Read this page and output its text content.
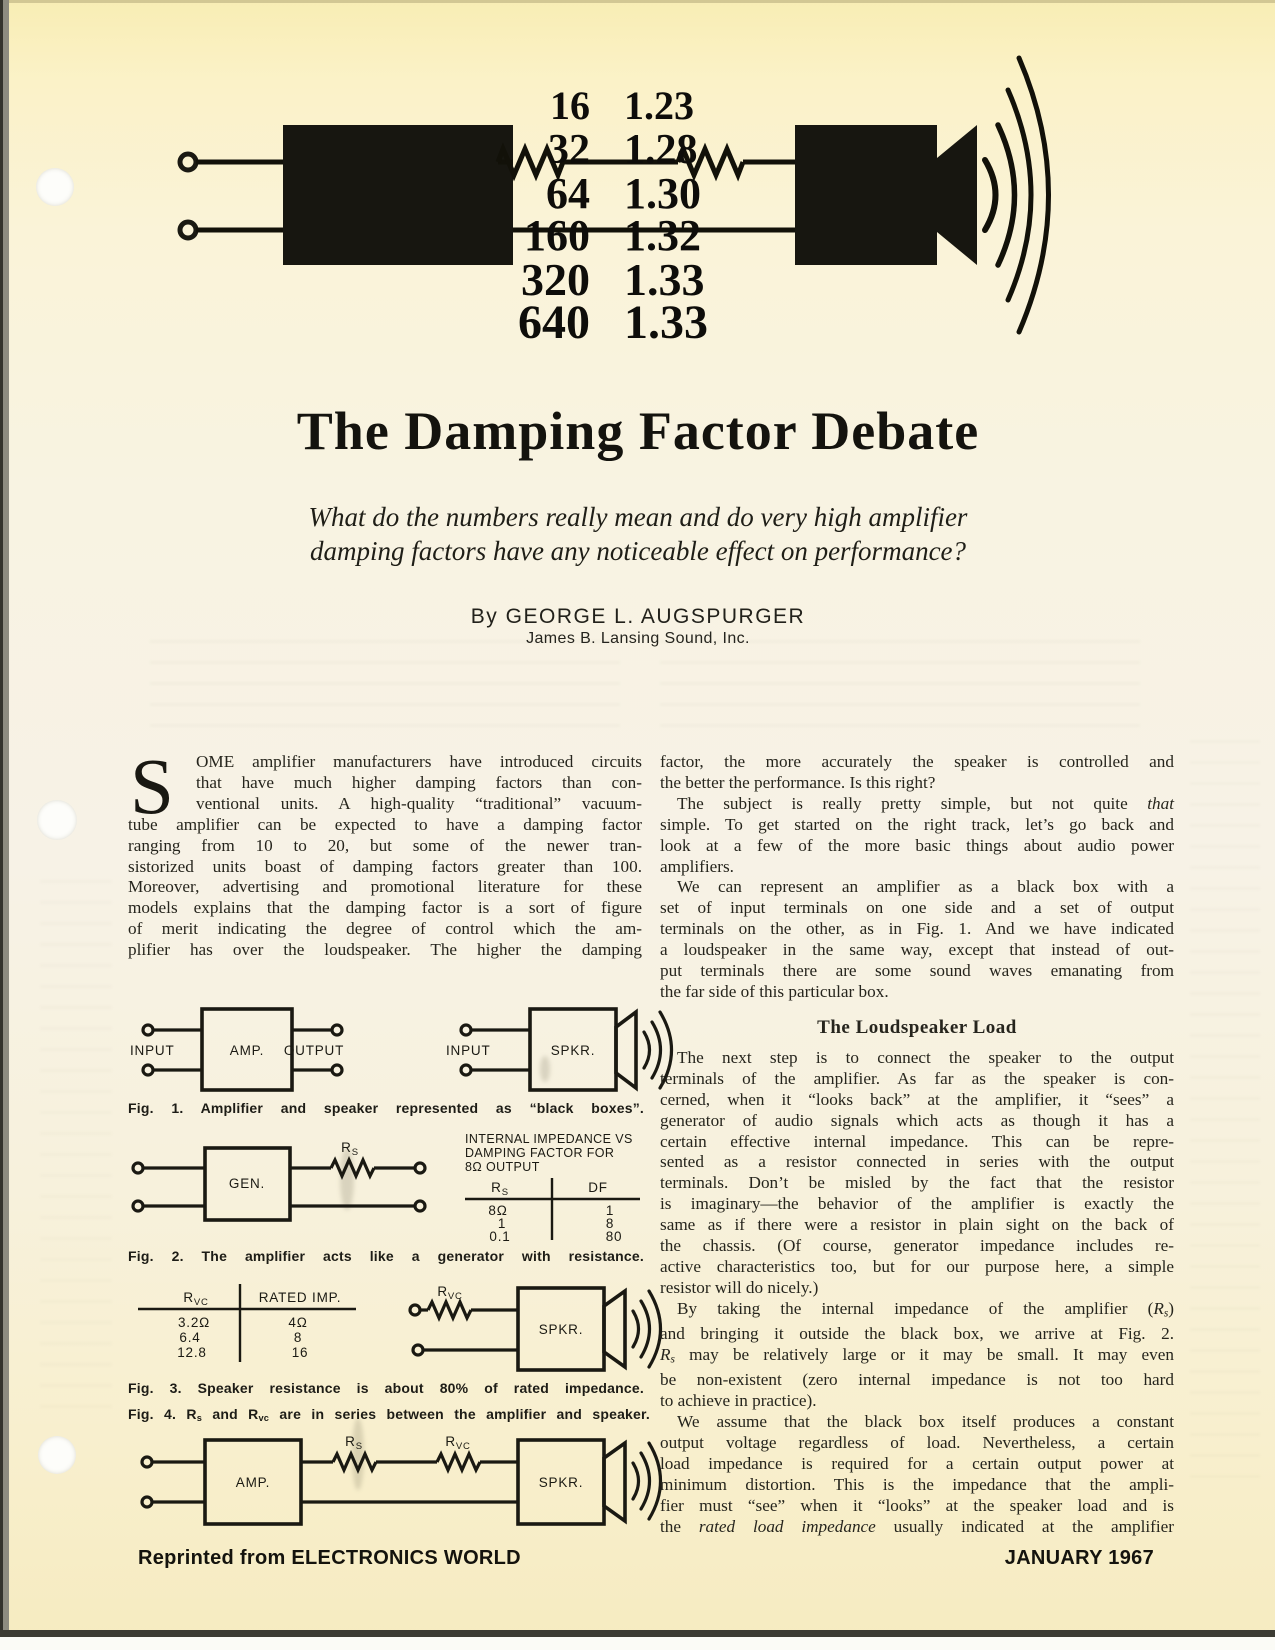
16 1.23
32 1.28
64 1.30
160 1.32
320 1.33
640 1.33
The Damping Factor Debate
What do the numbers really mean and do very high amplifier
damping factors have any noticeable effect on performance?
By GEORGE L. AUGSPURGER
James B. Lansing Sound, Inc.
OME amplifier manufacturers have introduced circuits
that have much higher damping factors than con-
ventional units. A high-quality “traditional” vacuum-
tube amplifier can be expected to have a damping factor
ranging from 10 to 20, but some of the newer tran-
sistorized units boast of damping factors greater than 100.
Moreover, advertising and promotional literature for these
models explains that the damping factor is a sort of figure
of merit indicating the degree of control which the am-
plifier has over the loudspeaker. The higher the damping
S
INPUT	AMP. OUTPUT	INPUT	SPKR.
Fig. 1. Amplifier and speaker represented as “black boxes”.
GEN.
$R_S$
INTERNAL IMPEDANCE VS
DAMPING FACTOR FOR
8Ω OUTPUT
$R_S$	DF
8Ω	1
1	8
0.1	80
Fig. 2. The amplifier acts like a generator with resistance.
$R_{VC}$	RATED IMP.
3.2Ω	4Ω
6.4	8
12.8	16
$R_{VC}$
SPKR.
Fig. 3. Speaker resistance is about 80% of rated impedance.
Fig. 4. Rs and Rvc are in series between the amplifier and speaker.
AMP.
$R_S$	$R_{VC}$
SPKR.
factor, the more accurately the speaker is controlled and
the better the performance. Is this right?
The subject is really pretty simple, but not quite that
simple. To get started on the right track, let’s go back and
look at a few of the more basic things about audio power
amplifiers.
We can represent an amplifier as a black box with a
set of input terminals on one side and a set of output
terminals on the other, as in Fig. 1. And we have indicated
a loudspeaker in the same way, except that instead of out-
put terminals there are some sound waves emanating from
the far side of this particular box.
The Loudspeaker Load
The next step is to connect the speaker to the output
terminals of the amplifier. As far as the speaker is con-
cerned, when it “looks back” at the amplifier, it “sees” a
generator of audio signals which acts as though it has a
certain effective internal impedance. This can be repre-
sented as a resistor connected in series with the output
terminals. Don’t be misled by the fact that the resistor
is imaginary—the behavior of the amplifier is exactly the
same as if there were a resistor in plain sight on the back of
the chassis. (Of course, generator impedance includes re-
active characteristics too, but for our purpose here, a simple
resistor will do nicely.)
By taking the internal impedance of the amplifier (Rs)
and bringing it outside the black box, we arrive at Fig. 2.
Rs may be relatively large or it may be small. It may even
be non-existent (zero internal impedance is not too hard
to achieve in practice).
We assume that the black box itself produces a constant
output voltage regardless of load. Nevertheless, a certain
load impedance is required for a certain output power at
minimum distortion. This is the impedance that the ampli-
fier must “see” when it “looks” at the speaker load and is
the rated load impedance usually indicated at the amplifier
Reprinted from ELECTRONICS WORLD	JANUARY 1967
